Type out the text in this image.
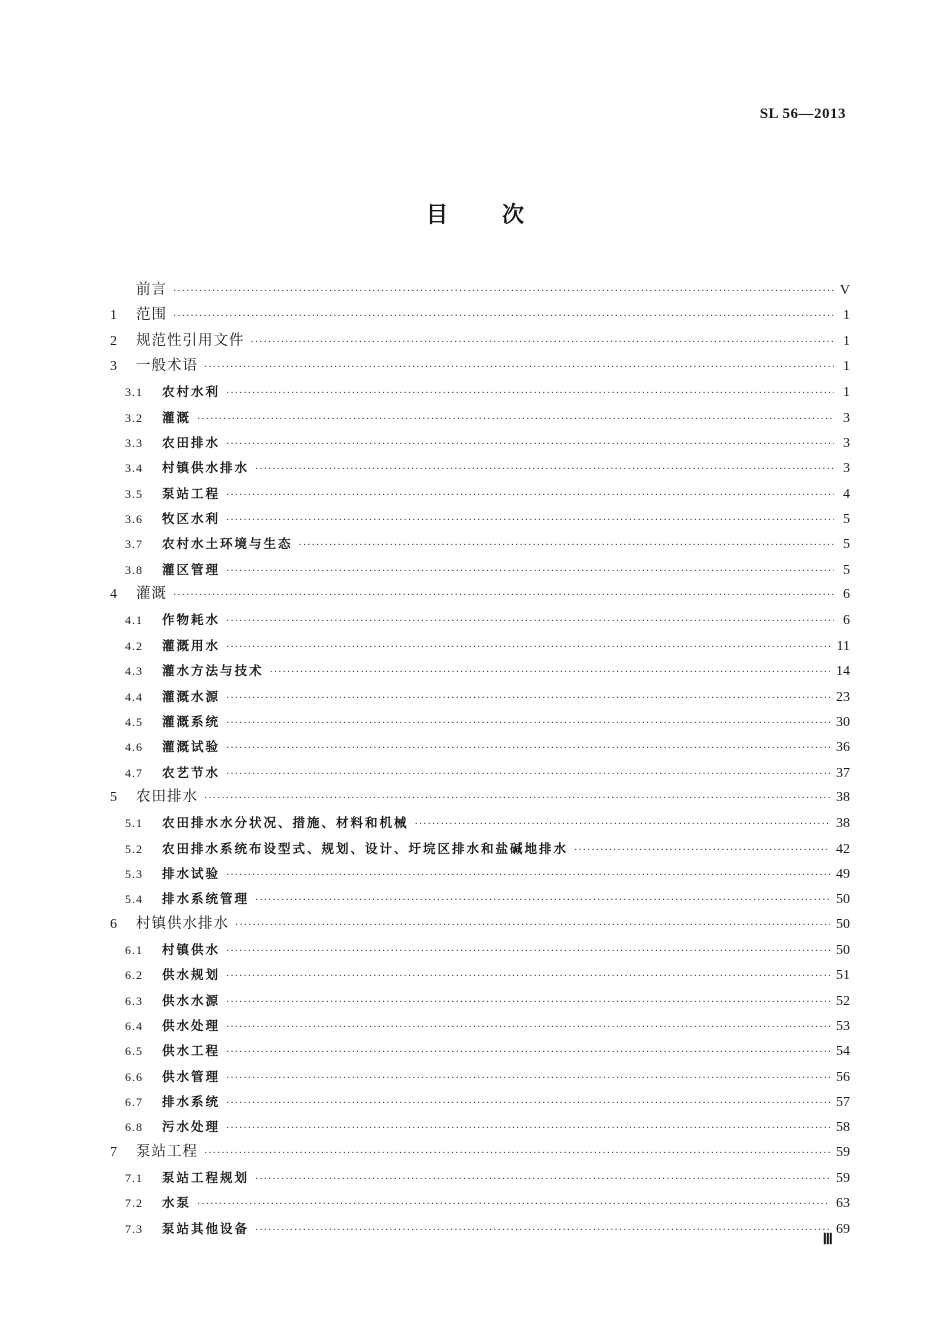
SL 56—2013
目次
前言 ·····	V
1	范围 ·····	1
2	规范性引用文件 ·····	1
3	一般术语 ·····	1
3.1	农村水利 ·····	1
3.2	灌溉 ·····	3
3.3	农田排水 ·····	3
3.4	村镇供水排水 ·····	3
3.5	泵站工程 ·····	4
3.6	牧区水利 ·····	5
3.7	农村水土环境与生态 ·····	5
3.8	灌区管理 ·····	5
4	灌溉 ·····	6
4.1	作物耗水 ·····	6
4.2	灌溉用水 ·····	11
4.3	灌水方法与技术 ·····	14
4.4	灌溉水源 ·····	23
4.5	灌溉系统 ·····	30
4.6	灌溉试验 ·····	36
4.7	农艺节水 ·····	37
5	农田排水 ·····	38
5.1	农田排水水分状况、措施、材料和机械 ·····	38
5.2	农田排水系统布设型式、规划、设计、圩垸区排水和盐碱地排水 ·····	42
5.3	排水试验 ·····	49
5.4	排水系统管理 ·····	50
6	村镇供水排水 ·····	50
6.1	村镇供水 ·····	50
6.2	供水规划 ·····	51
6.3	供水水源 ·····	52
6.4	供水处理 ·····	53
6.5	供水工程 ·····	54
6.6	供水管理 ·····	56
6.7	排水系统 ·····	57
6.8	污水处理 ·····	58
7	泵站工程 ·····	59
7.1	泵站工程规划 ·····	59
7.2	水泵 ·····	63
7.3	泵站其他设备 ·····	69
Ⅲ
